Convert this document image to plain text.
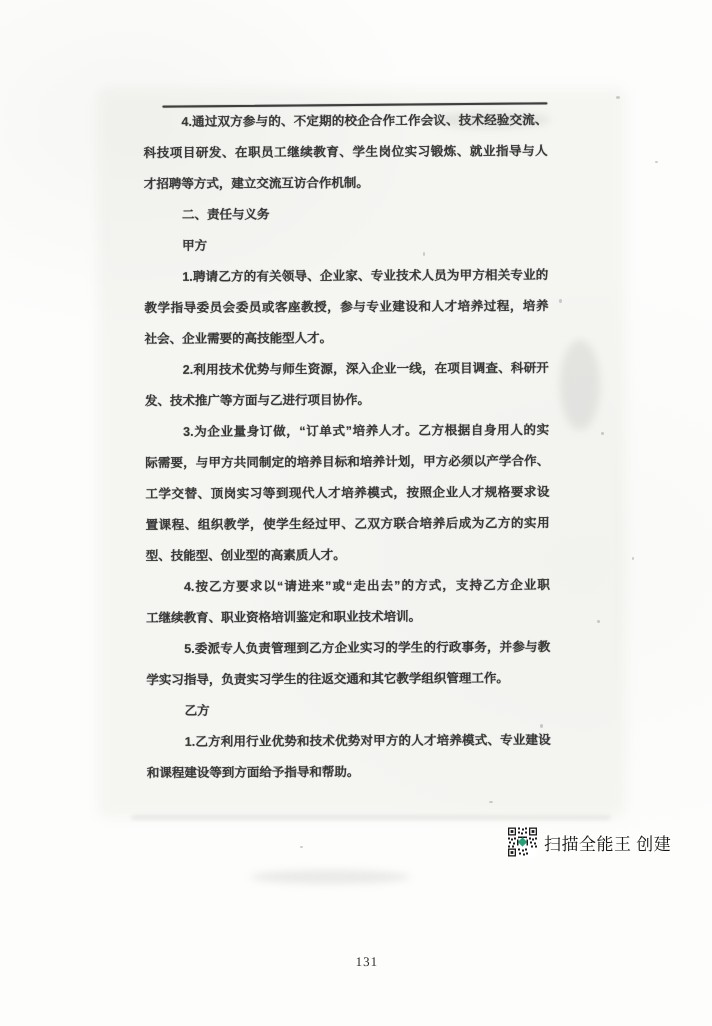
4.通过双方参与的、不定期的校企合作工作会议、技术经验交流、
科技项目研发、在职员工继续教育、学生岗位实习锻炼、就业指导与人
才招聘等方式，建立交流互访合作机制。
二、责任与义务
甲方
1.聘请乙方的有关领导、企业家、专业技术人员为甲方相关专业的
教学指导委员会委员或客座教授，参与专业建设和人才培养过程，培养
社会、企业需要的高技能型人才。
2.利用技术优势与师生资源，深入企业一线，在项目调查、科研开
发、技术推广等方面与乙进行项目协作。
3.为企业量身订做，“订单式”培养人才。乙方根据自身用人的实
际需要，与甲方共同制定的培养目标和培养计划，甲方必须以产学合作、
工学交替、顶岗实习等到现代人才培养模式，按照企业人才规格要求设
置课程、组织教学，使学生经过甲、乙双方联合培养后成为乙方的实用
型、技能型、创业型的高素质人才。
4.按乙方要求以“请进来”或“走出去”的方式，支持乙方企业职
工继续教育、职业资格培训鉴定和职业技术培训。
5.委派专人负责管理到乙方企业实习的学生的行政事务，并参与教
学实习指导，负责实习学生的往返交通和其它教学组织管理工作。
乙方
1.乙方利用行业优势和技术优势对甲方的人才培养模式、专业建设
和课程建设等到方面给予指导和帮助。
131
扫描全能王 创建
